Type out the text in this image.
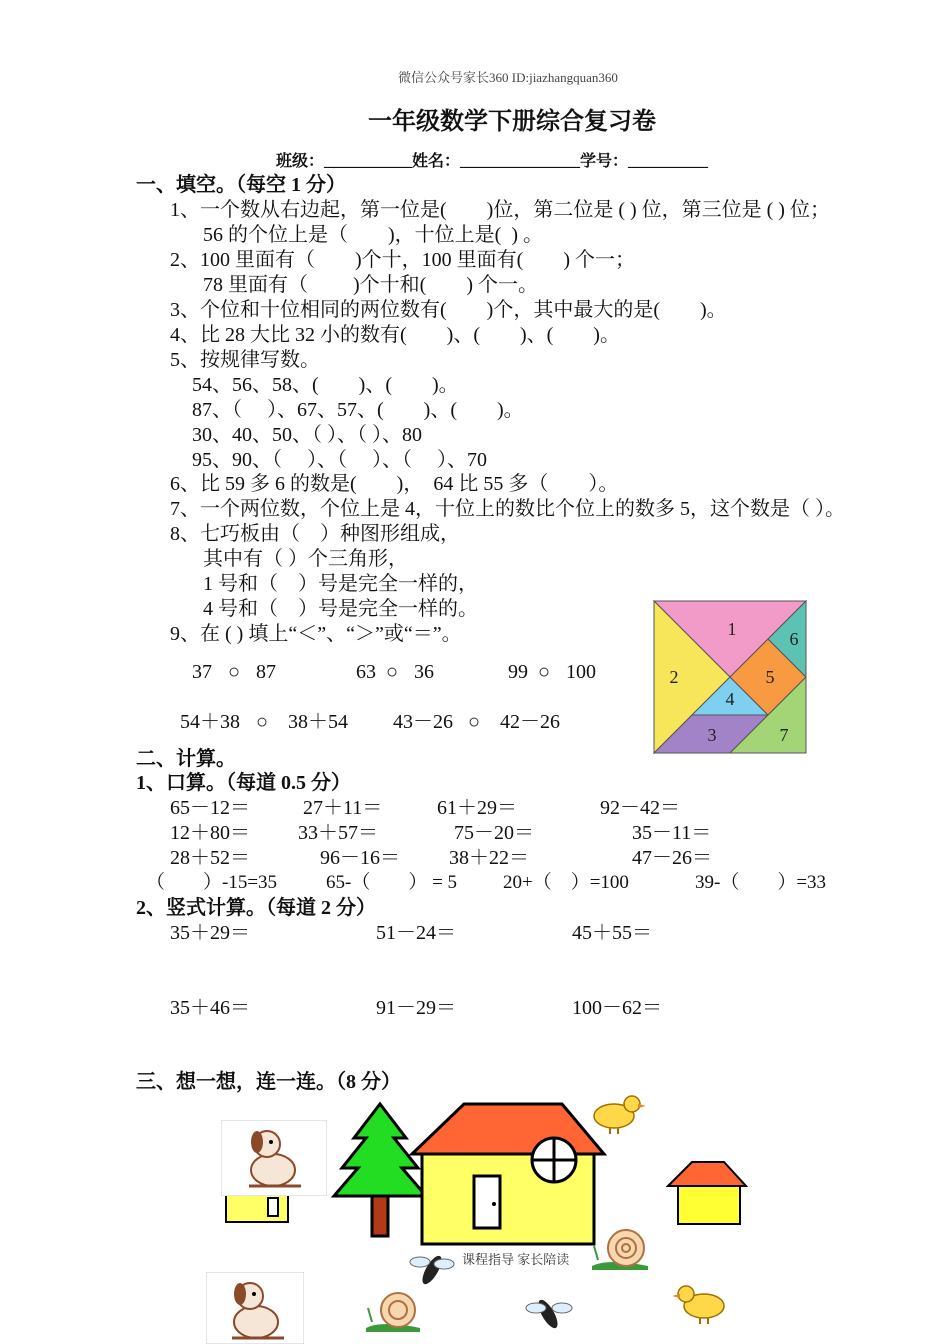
微信公众号家长360 ID:jiazhangquan360
一年级数学下册综合复习卷
班级：___________姓名：_______________学号：__________
一、填空。（每空 1 分）
1、一个数从右边起，第一位是(　　)位，第二位是 ( ) 位，第三位是 ( ) 位；
56 的个位上是（　　)，十位上是(  ) 。
2、100 里面有（　　)个十，100 里面有(　　) 个一；
78 里面有（　　 )个十和(　　) 个一。
3、个位和十位相同的两位数有(　　)个，其中最大的是(　　)。
4、比 28 大比 32 小的数有(　　)、(　　)、(　　)。
5、按规律写数。
54、56、58、(　　)、(　　)。
87、（　 ）、67、57、(　　)、(　　)。
30、40、50、（ ）、（ ）、80
95、90、（　 ）、（　 ）、（　 ）、70
6、比 59 多 6 的数是(　　)，　64 比 55 多（　　）。
7、一个两位数，个位上是 4，十位上的数比个位上的数多 5，这个数是（ ）。
8、七巧板由（　）种图形组成，
其中有（ ）个三角形，
1 号和（　）号是完全一样的，
4 号和（　）号是完全一样的。
9、在 ( ) 填上“＜”、“＞”或“＝”。
37 ○ 87	63 ○ 36	99 ○ 100
54＋38 ○ 38＋54 43－26 ○ 42－26
1
2
3
4
5
6
7
二、计算。
1、口算。（每道 0.5 分）
65－12＝	27＋11＝	61＋29＝	92－42＝
12＋80＝ 33＋57＝	75－20＝	35－11＝
28＋52＝	96－16＝ 38＋22＝	47－26＝
（　　）-15=35	65-（　　） = 5 20+（　）=100	39-（　　）=33
2、竖式计算。（每道 2 分）
35＋29＝	51－24＝	45＋55＝
35＋46＝	91－29＝	100－62＝
三、想一想，连一连。（8 分）
课程指导 家长陪读
